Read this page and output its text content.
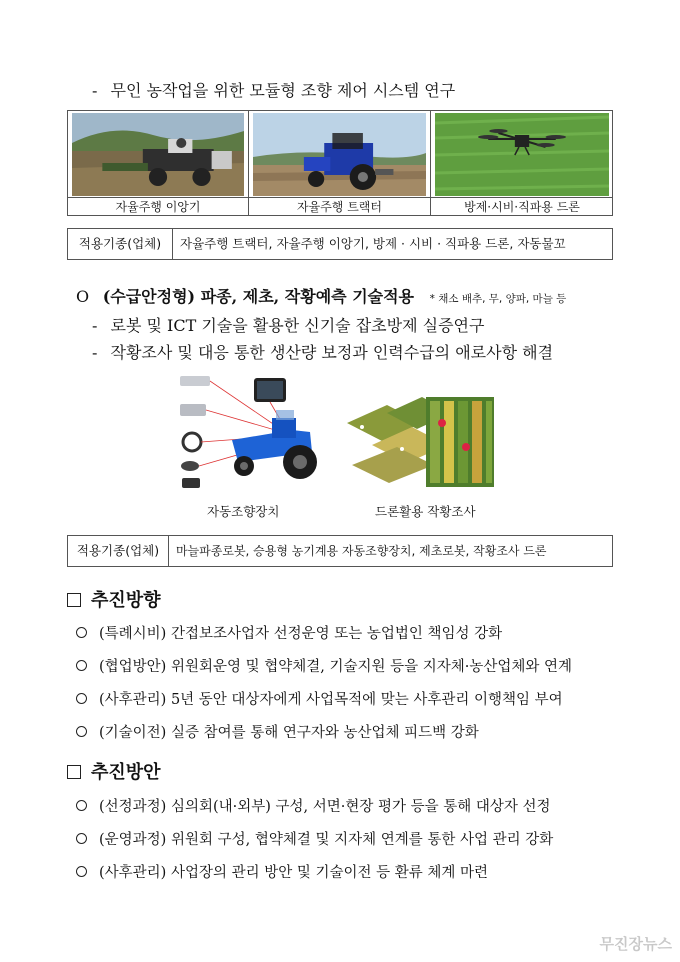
- 무인 농작업을 위한 모듈형 조향 제어 시스템 연구
자율주행 이앙기	자율주행 트랙터	방제·시비·직파용 드론
적용기종(업체)	자율주행 트랙터, 자율주행 이앙기, 방제 · 시비 · 직파용 드론, 자동물꼬
O (수급안정형) 파종, 제초, 작황예측 기술적용 * 채소 배추, 무, 양파, 마늘 등
- 로봇 및 ICT 기술을 활용한 신기술 잡초방제 실증연구
- 작황조사 및 대응 통한 생산량 보정과 인력수급의 애로사항 해결
자동조향장치	드론활용 작황조사
적용기종(업체)	마늘파종로봇, 승용형 농기계용 자동조향장치, 제초로봇, 작황조사 드론
추진방향
(특례시비) 간접보조사업자 선정운영 또는 농업법인 책임성 강화
(협업방안) 위원회운영 및 협약체결, 기술지원 등을 지자체·농산업체와 연계
(사후관리) 5년 동안 대상자에게 사업목적에 맞는 사후관리 이행책임 부여
(기술이전) 실증 참여를 통해 연구자와 농산업체 피드백 강화
추진방안
(선정과정) 심의회(내·외부) 구성, 서면·현장 평가 등을 통해 대상자 선정
(운영과정) 위원회 구성, 협약체결 및 지자체 연계를 통한 사업 관리 강화
(사후관리) 사업장의 관리 방안 및 기술이전 등 환류 체계 마련
무진장뉴스
